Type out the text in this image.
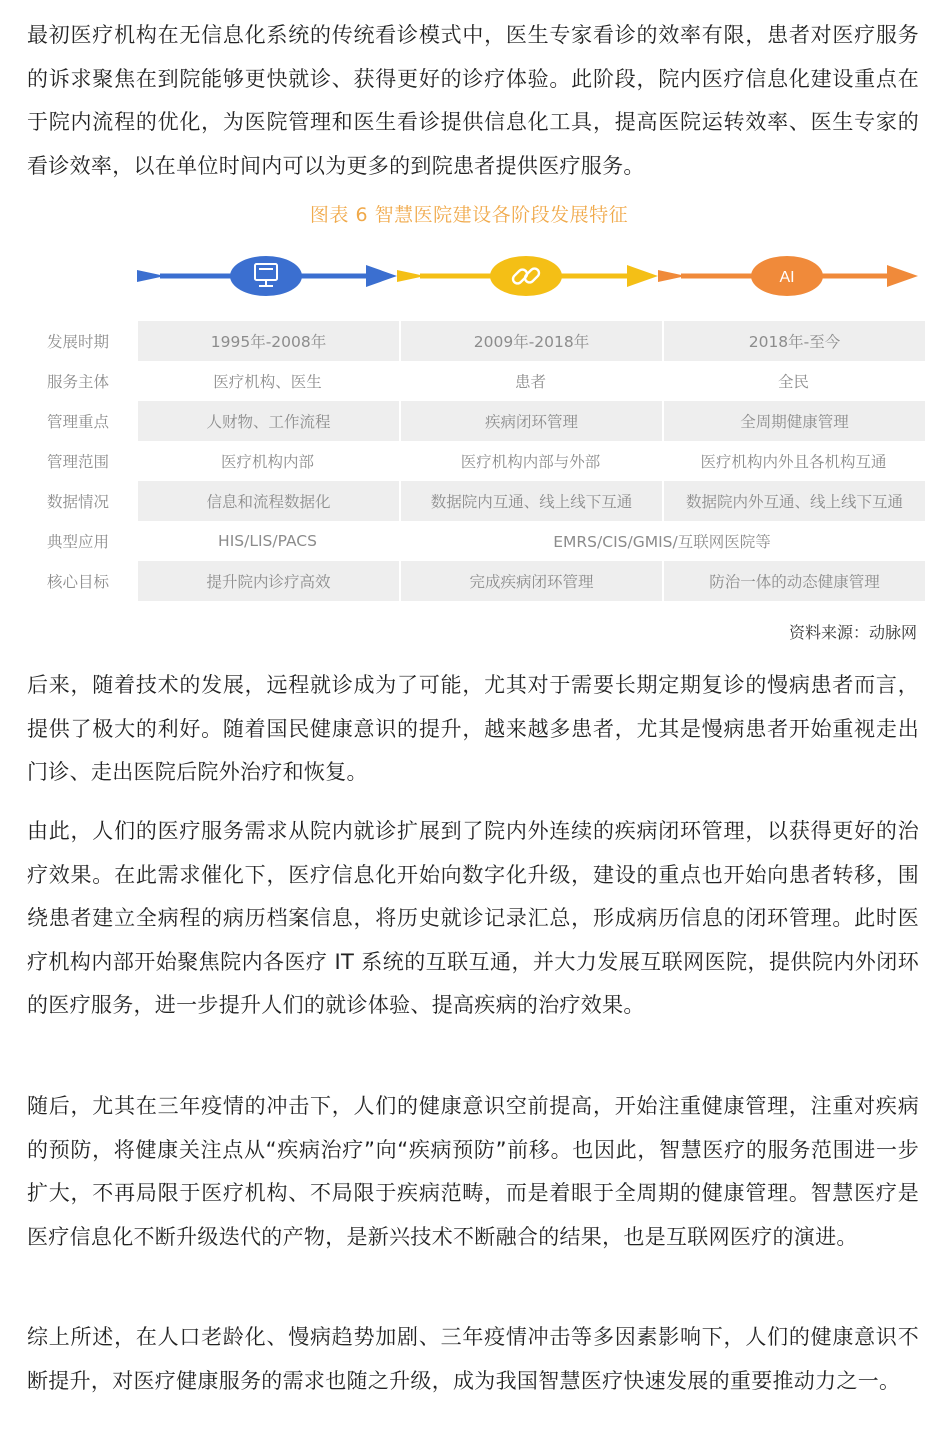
最初医疗机构在无信息化系统的传统看诊模式中，医生专家看诊的效率有限，患者对医疗服务的诉求聚焦在到院能够更快就诊、获得更好的诊疗体验。此阶段，院内医疗信息化建设重点在于院内流程的优化，为医院管理和医生看诊提供信息化工具，提高医院运转效率、医生专家的看诊效率，以在单位时间内可以为更多的到院患者提供医疗服务。

图表 6 智慧医院建设各阶段发展特征
AI
发展时期	1995年-2008年	2009年-2018年	2018年-至今
服务主体	医疗机构、医生	患者	全民
管理重点	人财物、工作流程	疾病闭环管理	全周期健康管理
管理范围	医疗机构内部	医疗机构内部与外部	医疗机构内外且各机构互通
数据情况	信息和流程数据化	数据院内互通、线上线下互通	数据院内外互通、线上线下互通
典型应用	HIS/LIS/PACS	EMRS/CIS/GMIS/互联网医院等	
核心目标	提升院内诊疗高效	完成疾病闭环管理	防治一体的动态健康管理
资料来源：动脉网

后来，随着技术的发展，远程就诊成为了可能，尤其对于需要长期定期复诊的慢病患者而言，提供了极大的利好。随着国民健康意识的提升，越来越多患者，尤其是慢病患者开始重视走出门诊、走出医院后院外治疗和恢复。

由此，人们的医疗服务需求从院内就诊扩展到了院内外连续的疾病闭环管理，以获得更好的治疗效果。在此需求催化下，医疗信息化开始向数字化升级，建设的重点也开始向患者转移，围绕患者建立全病程的病历档案信息，将历史就诊记录汇总，形成病历信息的闭环管理。此时医疗机构内部开始聚焦院内各医疗 IT 系统的互联互通，并大力发展互联网医院，提供院内外闭环的医疗服务，进一步提升人们的就诊体验、提高疾病的治疗效果。

随后，尤其在三年疫情的冲击下，人们的健康意识空前提高，开始注重健康管理，注重对疾病的预防，将健康关注点从“疾病治疗”向“疾病预防”前移。也因此，智慧医疗的服务范围进一步扩大，不再局限于医疗机构、不局限于疾病范畴，而是着眼于全周期的健康管理。智慧医疗是医疗信息化不断升级迭代的产物，是新兴技术不断融合的结果，也是互联网医疗的演进。

综上所述，在人口老龄化、慢病趋势加剧、三年疫情冲击等多因素影响下，人们的健康意识不断提升，对医疗健康服务的需求也随之升级，成为我国智慧医疗快速发展的重要推动力之一。
